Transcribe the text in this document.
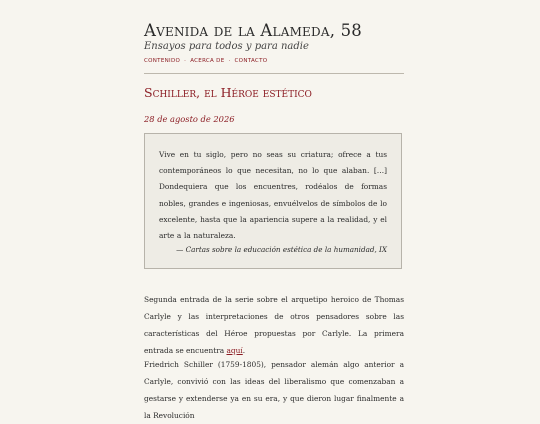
Avenida de la Alameda, 58
Ensayos para todos y para nadie
CONTENIDO · ACERCA DE · CONTACTO
Schiller, el Héroe estético
28 de agosto de 2026

Vive en tu siglo, pero no seas su criatura; ofrece a tus contemporáneos lo que necesitan, no lo que alaban. […] Dondequiera que los encuentres, rodéalos de formas nobles, grandes e ingeniosas, envuélvelos de símbolos de lo excelente, hasta que la apariencia supere a la realidad, y el arte a la naturaleza.

— Cartas sobre la educación estética de la humanidad, IX

Segunda entrada de la serie sobre el arquetipo heroico de Thomas Carlyle y las interpretaciones de otros pensadores sobre las características del Héroe propuestas por Carlyle. La primera entrada se encuentra aquí.

Friedrich Schiller (1759-1805), pensador alemán algo anterior a Carlyle, convivió con las ideas del liberalismo que comenzaban a gestarse y extenderse ya en su era, y que dieron lugar finalmente a la Revolución
